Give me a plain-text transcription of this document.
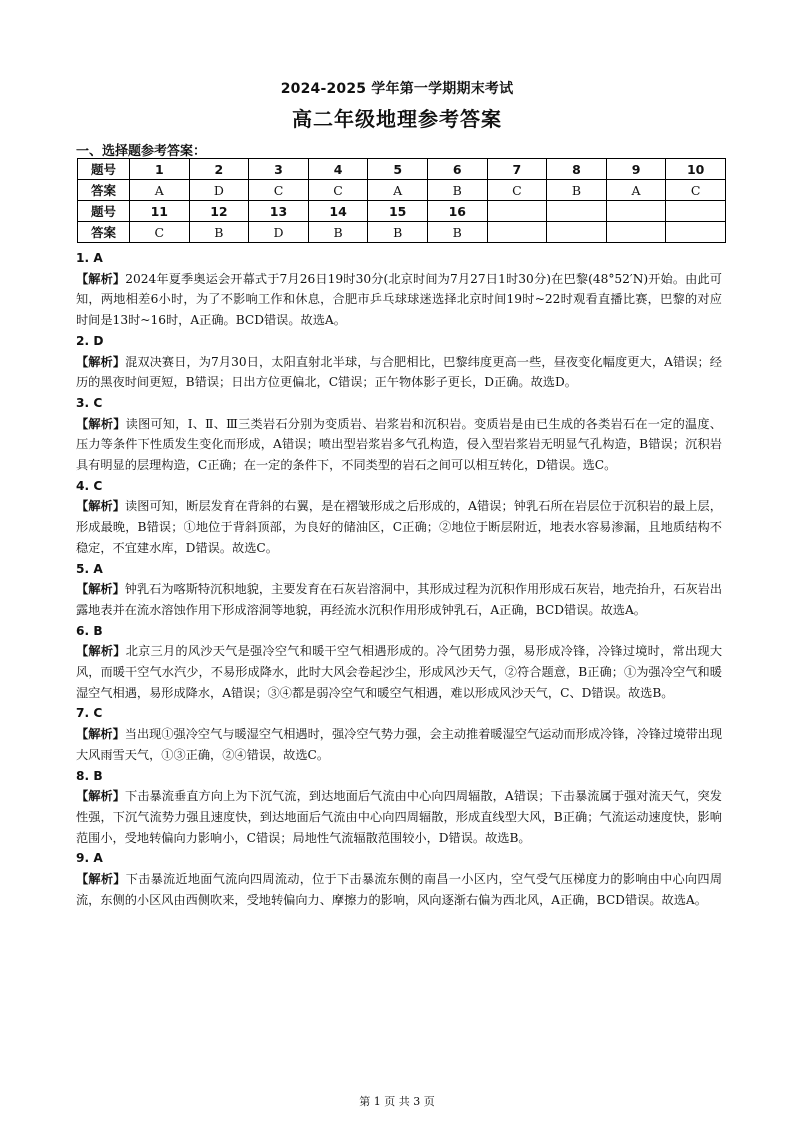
2024-2025 学年第一学期期末考试
高二年级地理参考答案
一、选择题参考答案：
题号	1	2	3	4	5	6	7	8	9	10
答案	A	D	C	C	A	B	C	B	A	C
题号	11	12	13	14	15	16				
答案	C	B	D	B	B	B				
1. A
【解析】2024年夏季奥运会开幕式于7月26日19时30分(北京时间为7月27日1时30分)在巴黎(48°52′N)开始。由此可知，两地相差6小时，为了不影响工作和休息，合肥市乒乓球球迷选择北京时间19时~22时观看直播比赛，巴黎的对应时间是13时~16时，A正确。BCD错误。故选A。
2. D
【解析】混双决赛日，为7月30日，太阳直射北半球，与合肥相比，巴黎纬度更高一些，昼夜变化幅度更大，A错误；经历的黑夜时间更短，B错误；日出方位更偏北，C错误；正午物体影子更长，D正确。故选D。
3. C
【解析】读图可知，Ⅰ、Ⅱ、Ⅲ三类岩石分别为变质岩、岩浆岩和沉积岩。变质岩是由已生成的各类岩石在一定的温度、压力等条件下性质发生变化而形成，A错误；喷出型岩浆岩多气孔构造，侵入型岩浆岩无明显气孔构造，B错误；沉积岩具有明显的层理构造，C正确；在一定的条件下，不同类型的岩石之间可以相互转化，D错误。选C。
4. C
【解析】读图可知，断层发育在背斜的右翼，是在褶皱形成之后形成的，A错误；钟乳石所在岩层位于沉积岩的最上层，形成最晚，B错误；①地位于背斜顶部，为良好的储油区，C正确；②地位于断层附近，地表水容易渗漏，且地质结构不稳定，不宜建水库，D错误。故选C。
5. A
【解析】钟乳石为喀斯特沉积地貌，主要发育在石灰岩溶洞中，其形成过程为沉积作用形成石灰岩，地壳抬升，石灰岩出露地表并在流水溶蚀作用下形成溶洞等地貌，再经流水沉积作用形成钟乳石，A正确，BCD错误。故选A。
6. B
【解析】北京三月的风沙天气是强冷空气和暖干空气相遇形成的。冷气团势力强，易形成冷锋，冷锋过境时，常出现大风，而暖干空气水汽少，不易形成降水，此时大风会卷起沙尘，形成风沙天气，②符合题意，B正确；①为强冷空气和暖湿空气相遇，易形成降水，A错误；③④都是弱冷空气和暖空气相遇，难以形成风沙天气，C、D错误。故选B。
7. C
【解析】当出现①强冷空气与暖湿空气相遇时，强冷空气势力强，会主动推着暖湿空气运动而形成冷锋，冷锋过境带出现大风雨雪天气，①③正确，②④错误，故选C。
8. B
【解析】下击暴流垂直方向上为下沉气流，到达地面后气流由中心向四周辐散，A错误；下击暴流属于强对流天气，突发性强，下沉气流势力强且速度快，到达地面后气流由中心向四周辐散，形成直线型大风，B正确；气流运动速度快，影响范围小，受地转偏向力影响小，C错误；局地性气流辐散范围较小，D错误。故选B。
9. A
【解析】下击暴流近地面气流向四周流动，位于下击暴流东侧的南昌一小区内，空气受气压梯度力的影响由中心向四周流，东侧的小区风由西侧吹来，受地转偏向力、摩擦力的影响，风向逐渐右偏为西北风，A正确，BCD错误。故选A。
第 1 页 共 3 页
